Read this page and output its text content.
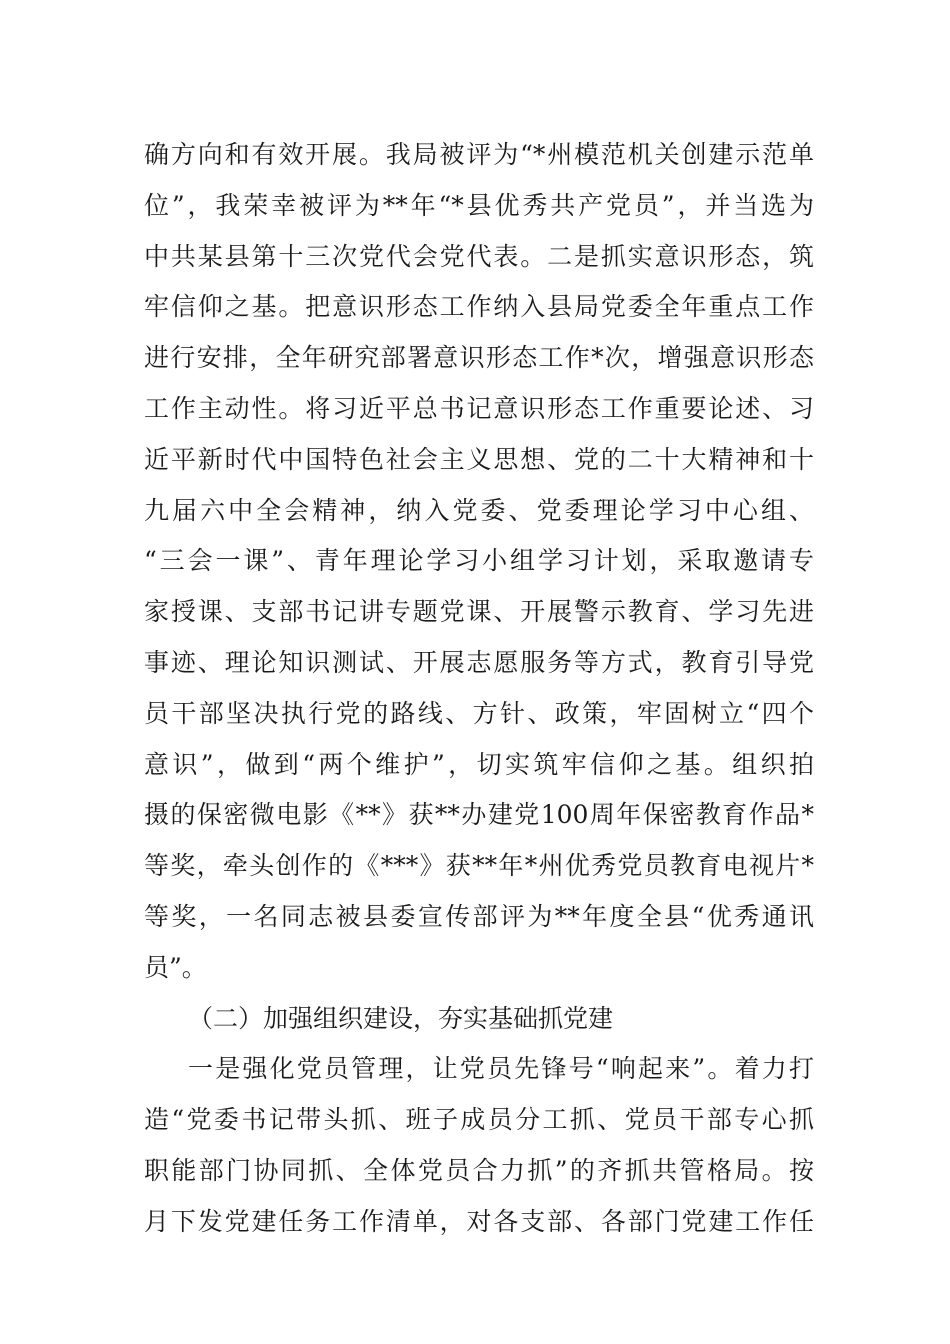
确方向和有效开展。我局被评为“*州模范机关创建示范单
位”，我荣幸被评为**年“*县优秀共产党员”，并当选为
中共某县第十三次党代会党代表。二是抓实意识形态，筑
牢信仰之基。把意识形态工作纳入县局党委全年重点工作
进行安排，全年研究部署意识形态工作*次，增强意识形态
工作主动性。将习近平总书记意识形态工作重要论述、习
近平新时代中国特色社会主义思想、党的二十大精神和十
九届六中全会精神，纳入党委、党委理论学习中心组、
“三会一课”、青年理论学习小组学习计划，采取邀请专
家授课、支部书记讲专题党课、开展警示教育、学习先进
事迹、理论知识测试、开展志愿服务等方式，教育引导党
员干部坚决执行党的路线、方针、政策，牢固树立“四个
意识”，做到“两个维护”，切实筑牢信仰之基。组织拍
摄的保密微电影《**》获**办建党100周年保密教育作品*
等奖，牵头创作的《***》获**年*州优秀党员教育电视片*
等奖，一名同志被县委宣传部评为**年度全县“优秀通讯
员”。
（二）加强组织建设，夯实基础抓党建
一是强化党员管理，让党员先锋号“响起来”。着力打
造“党委书记带头抓、班子成员分工抓、党员干部专心抓
职能部门协同抓、全体党员合力抓”的齐抓共管格局。按
月下发党建任务工作清单，对各支部、各部门党建工作任
